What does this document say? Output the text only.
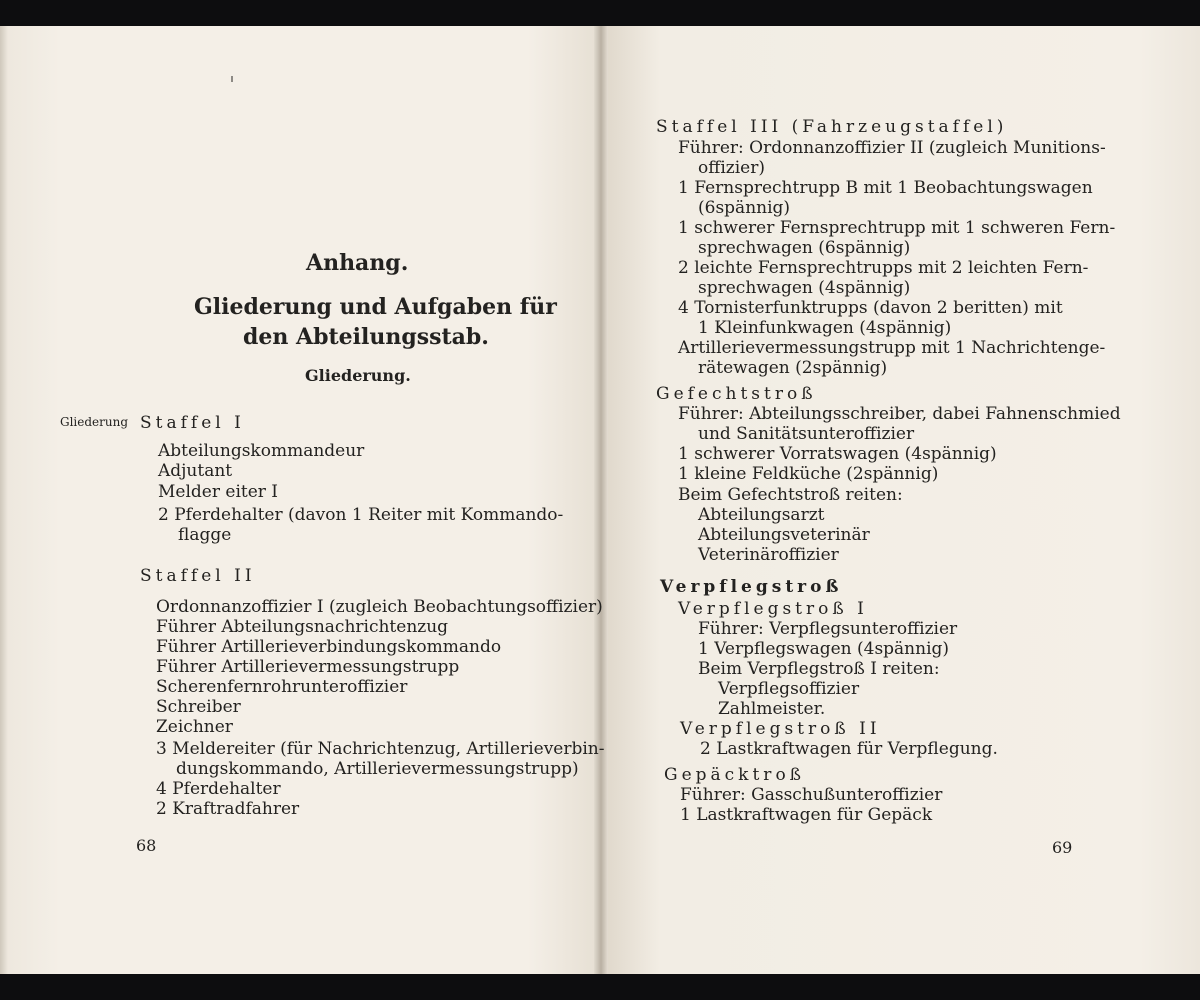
Anhang.
Gliederung und Aufgaben für
den Abteilungsstab.
Gliederung.
Gliederung Staffel I
Abteilungskommandeur
Adjutant
Melder eiter I
2 Pferdehalter (davon 1 Reiter mit Kommando-
flagge
Staffel II
Ordonnanzoffizier I (zugleich Beobachtungsoffizier)
Führer Abteilungsnachrichtenzug
Führer Artillerieverbindungskommando
Führer Artillerievermessungstrupp
Scherenfernrohrunteroffizier
Schreiber
Zeichner
3 Meldereiter (für Nachrichtenzug, Artillerieverbin-
dungskommando, Artillerievermessungstrupp)
4 Pferdehalter
2 Kraftradfahrer
68
Staffel III (Fahrzeugstaffel)
Führer: Ordonnanzoffizier II (zugleich Munitions-
offizier)
1 Fernsprechtrupp B mit 1 Beobachtungswagen
(6spännig)
1 schwerer Fernsprechtrupp mit 1 schweren Fern-
sprechwagen (6spännig)
2 leichte Fernsprechtrupps mit 2 leichten Fern-
sprechwagen (4spännig)
4 Tornisterfunktrupps (davon 2 beritten) mit
1 Kleinfunkwagen (4spännig)
Artillerievermessungstrupp mit 1 Nachrichtenge-
rätewagen (2spännig)
Gefechtstroß
Führer: Abteilungsschreiber, dabei Fahnenschmied
und Sanitätsunteroffizier
1 schwerer Vorratswagen (4spännig)
1 kleine Feldküche (2spännig)
Beim Gefechtstroß reiten:
Abteilungsarzt
Abteilungsveterinär
Veterinäroffizier
Verpflegstroß
Verpflegstroß I
Führer: Verpflegsunteroffizier
1 Verpflegswagen (4spännig)
Beim Verpflegstroß I reiten:
Verpflegsoffizier
Zahlmeister.
Verpflegstroß II
2 Lastkraftwagen für Verpflegung.
Gepäcktroß
Führer: Gasschußunteroffizier
1 Lastkraftwagen für Gepäck
69
